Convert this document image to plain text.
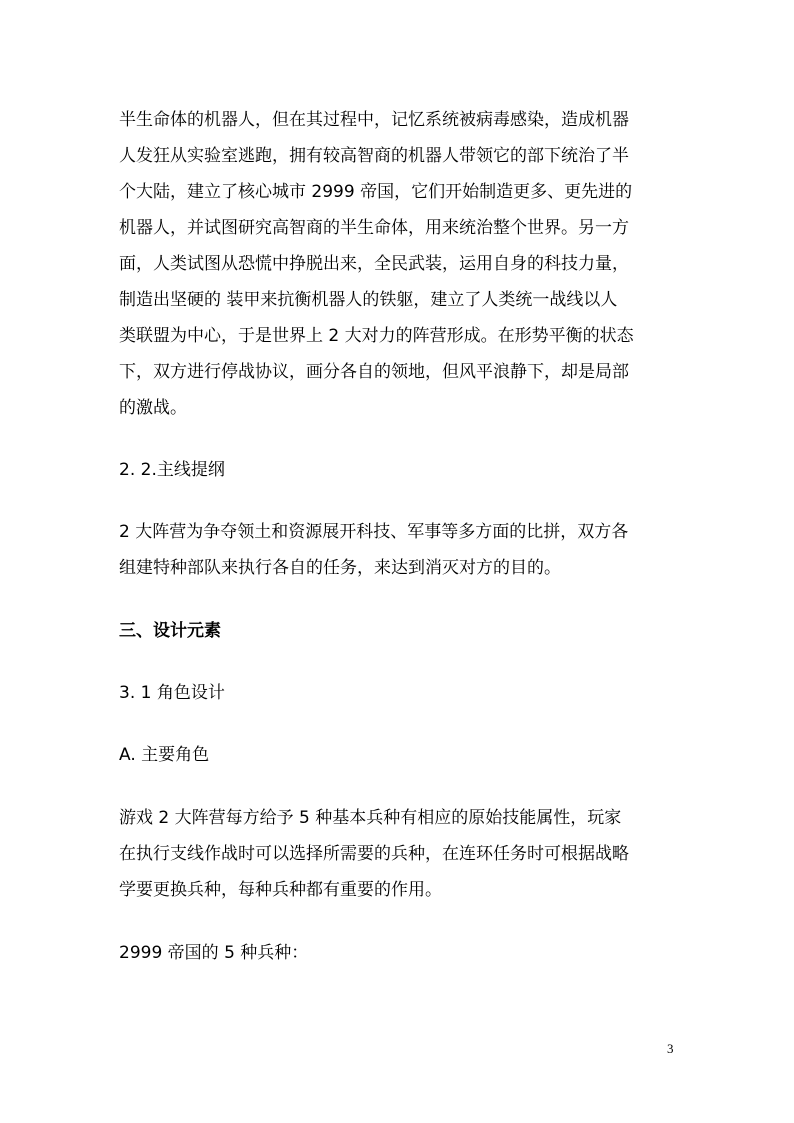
半生命体的机器人，但在其过程中，记忆系统被病毒感染，造成机器
人发狂从实验室逃跑，拥有较高智商的机器人带领它的部下统治了半
个大陆，建立了核心城市 2999 帝国，它们开始制造更多、更先进的
机器人，并试图研究高智商的半生命体，用来统治整个世界。另一方
面，人类试图从恐慌中挣脱出来，全民武装，运用自身的科技力量，
制造出坚硬的 装甲来抗衡机器人的铁躯，建立了人类统一战线以人
类联盟为中心，于是世界上 2 大对力的阵营形成。在形势平衡的状态
下，双方进行停战协议，画分各自的领地，但风平浪静下，却是局部
的激战。
2. 2.主线提纲
2 大阵营为争夺领土和资源展开科技、军事等多方面的比拼，双方各
组建特种部队来执行各自的任务，来达到消灭对方的目的。
三、设计元素
3. 1 角色设计
A. 主要角色
游戏 2 大阵营每方给予 5 种基本兵种有相应的原始技能属性，玩家
在执行支线作战时可以选择所需要的兵种，在连环任务时可根据战略
学要更换兵种，每种兵种都有重要的作用。
2999 帝国的 5 种兵种：
3
